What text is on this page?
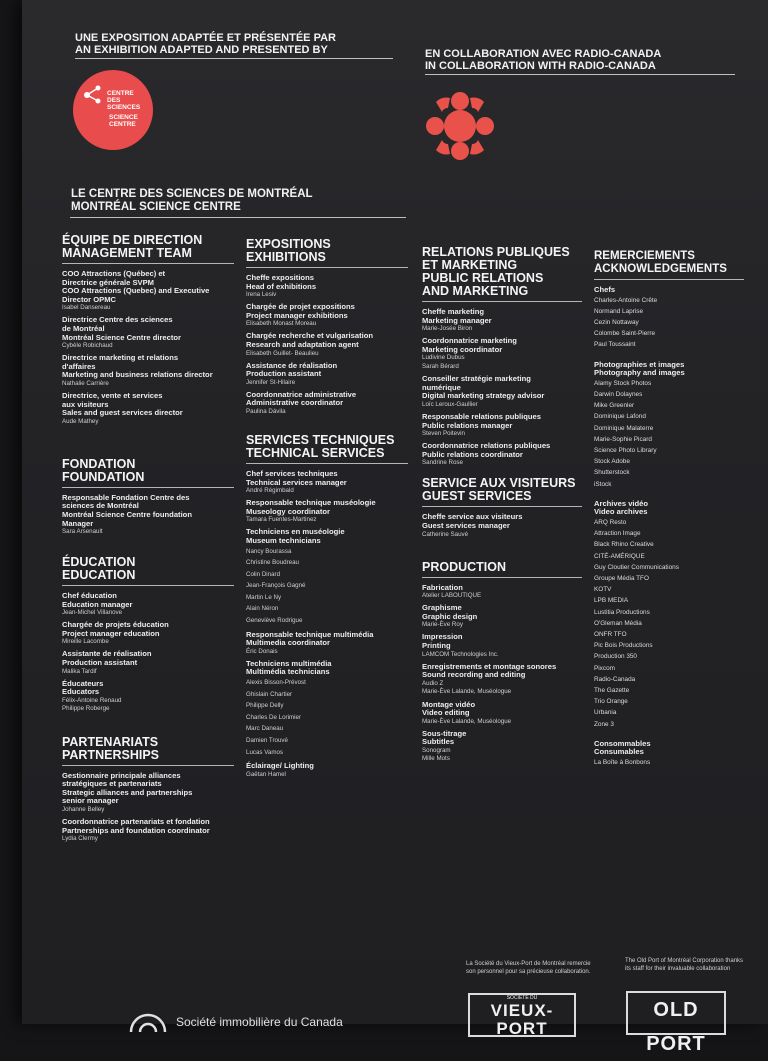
UNE EXPOSITION ADAPTÉE ET PRÉSENTÉE PAR
AN EXHIBITION ADAPTED AND PRESENTED BY	EN COLLABORATION AVEC RADIO-CANADA
IN COLLABORATION WITH RADIO-CANADA
CENTRE
DES
SCIENCES
SCIENCE
CENTRE
LE CENTRE DES SCIENCES DE MONTRÉAL
MONTRÉAL SCIENCE CENTRE
ÉQUIPE DE DIRECTION
MANAGEMENT TEAM
COO Attractions (Québec) et
Directrice générale SVPM
COO Attractions (Quebec) and Executive
Director OPMC
Isabel Dansereau
Directrice Centre des sciences
de Montréal
Montréal Science Centre director
Cybèle Robichaud
Directrice marketing et relations
d'affaires
Marketing and business relations director
Nathalie Carrière
Directrice, vente et services
aux visiteurs
Sales and guest services director
Aude Mathey
FONDATION
FOUNDATION
Responsable Fondation Centre des
sciences de Montréal
Montréal Science Centre foundation
Manager
Sara Arsenault
ÉDUCATION
EDUCATION
Chef éducation
Education manager
Jean-Michel Villanove
Chargée de projets éducation
Project manager education
Mireille Lacombe
Assistante de réalisation
Production assistant
Malika Tardif
Éducateurs
Educators
Félix-Antoine Renaud
Philippe Roberge
PARTENARIATS
PARTNERSHIPS
Gestionnaire principale alliances
stratégiques et partenariats
Strategic alliances and partnerships
senior manager
Johanne Belley
Coordonnatrice partenariats et fondation
Partnerships and foundation coordinator
Lydia Clermy
EXPOSITIONS
EXHIBITIONS
Cheffe expositions
Head of exhibitions
Irena Lesiv
Chargée de projet expositions
Project manager exhibitions
Elisabeth Monast Moreau
Chargée recherche et vulgarisation
Research and adaptation agent
Elisabeth Guillet- Beaulieu
Assistance de réalisation
Production assistant
Jennifer St-Hilaire
Coordonnatrice administrative
Administrative coordinator
Paulina Dávila
SERVICES TECHNIQUES
TECHNICAL SERVICES
Chef services techniques
Technical services manager
André Régimbald
Responsable technique muséologie
Museology coordinator
Tamara Fuentes-Martinez
Techniciens en muséologie
Museum technicians
Nancy Bourassa
Christine Boudreau
Colin Dinard
Jean-François Gagné
Martin Le Ny
Alain Néron
Geneviève Rodrigue
Responsable technique multimédia
Multimedia coordinator
Éric Donais
Techniciens multimédia
Multimédia technicians
Alexis Bisson-Prévost
Ghislain Chartier
Philippe Delly
Charles De Lorimier
Marc Daneau
Damien Trouvé
Lucas Vamos
Éclairage/ Lighting
Gaëtan Hamel
RELATIONS PUBLIQUES
ET MARKETING
PUBLIC RELATIONS
AND MARKETING
Cheffe marketing
Marketing manager
Marie-Josée Biron
Coordonnatrice marketing
Marketing coordinator
Ludivine Dubus
Sarah Bérard
Conseiller stratégie marketing
numérique
Digital marketing strategy advisor
Loïc Leroux-Gaullier
Responsable relations publiques
Public relations manager
Steven Poitevin
Coordonnatrice relations publiques
Public relations coordinator
Sandrine Rose
SERVICE AUX VISITEURS
GUEST SERVICES
Cheffe service aux visiteurs
Guest services manager
Catherine Sauvé
PRODUCTION
Fabrication
Atelier LABOUTIQUE
Graphisme
Graphic design
Marie-Ève Roy
Impression
Printing
LAMCOM Technologies Inc.
Enregistrements et montage sonores
Sound recording and editing
Audio Z
Marie-Ève Lalande, Muséologue
Montage vidéo
Video editing
Marie-Ève Lalande, Muséologue
Sous-titrage
Subtitles
Sonogram
Mille Mots
REMERCIEMENTS
ACKNOWLEDGEMENTS
Chefs
Charles-Antoine Crête
Normand Laprise
Cezin Nottaway
Colombe Saint-Pierre
Paul Toussaint
Photographies et images
Photography and images
Alamy Stock Photos
Darwin Dolaynes
Mike Greenler
Dominique Lafond
Dominique Malaterre
Marie-Sophie Picard
Science Photo Library
Stock Adobe
Shutterstock
iStock
Archives vidéo
Video archives
ARQ Resto
Attraction Image
Black Rhino Creative
CITÉ-AMÉRIQUE
Guy Cloutier Communications
Groupe Média TFO
KOTV
LPB MEDIA
Lustitia Productions
O'Gleman Média
ONFR TFO
Pic Bois Productions
Production 350
Pixcom
Radio-Canada
The Gazette
Trio Orange
Urbania
Zone 3
Consommables
Consumables
La Boîte à Bonbons
La Société du Vieux-Port de Montréal remercie
son personnel pour sa précieuse collaboration.
The Old Port of Montréal Corporation thanks
its staff for their invaluable collaboration
SOCIÉTÉ DU
VIEUX-PORT
OLD PORT
Société immobilière du Canada
